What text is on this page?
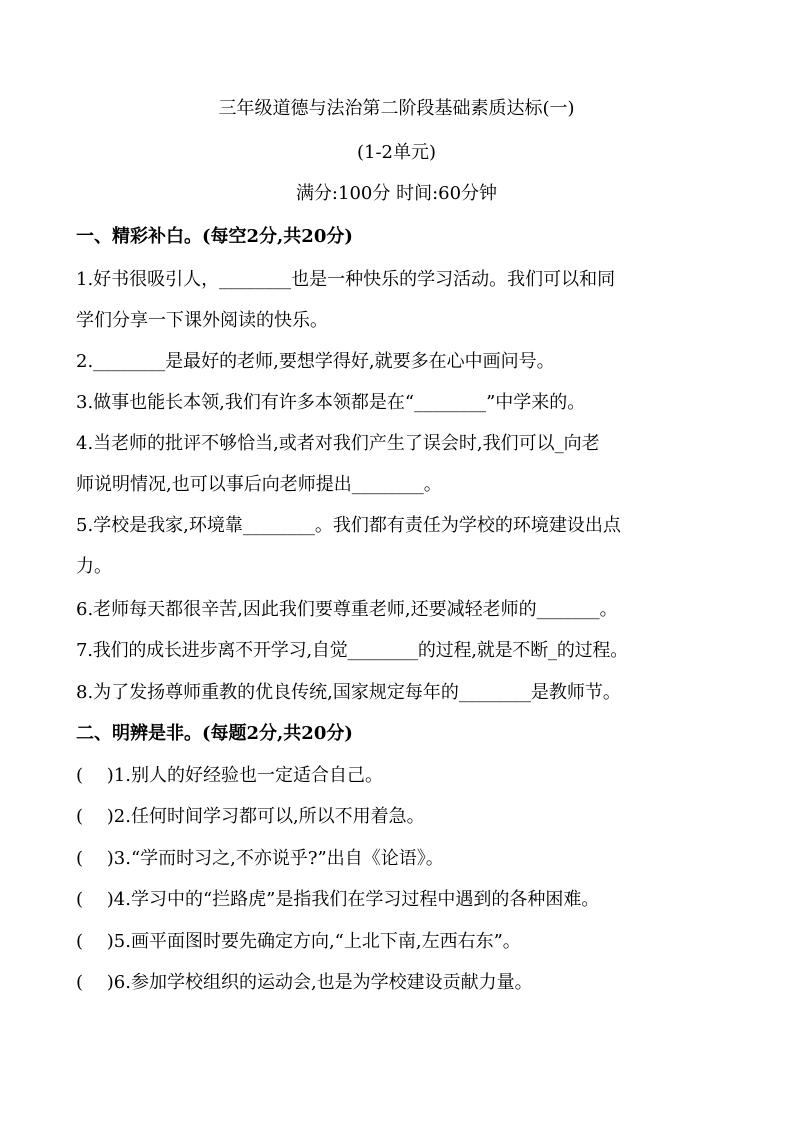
三年级道德与法治第二阶段基础素质达标(一)
(1-2单元)
满分:100分 时间:60分钟
一、精彩补白。(每空2分,共20分)
1.好书很吸引人，________也是一种快乐的学习活动。我们可以和同
学们分享一下课外阅读的快乐。
2.________是最好的老师,要想学得好,就要多在心中画问号。
3.做事也能长本领,我们有许多本领都是在“________”中学来的。
4.当老师的批评不够恰当,或者对我们产生了误会时,我们可以_向老
师说明情况,也可以事后向老师提出________。
5.学校是我家,环境靠________。我们都有责任为学校的环境建设出点
力。
6.老师每天都很辛苦,因此我们要尊重老师,还要减轻老师的_______。
7.我们的成长进步离不开学习,自觉________的过程,就是不断_的过程。
8.为了发扬尊师重教的优良传统,国家规定每年的________是教师节。
二、明辨是非。(每题2分,共20分)
(　 )1.别人的好经验也一定适合自己。
(　 )2.任何时间学习都可以,所以不用着急。
(　 )3.“学而时习之,不亦说乎?”出自《论语》。
(　 )4.学习中的“拦路虎”是指我们在学习过程中遇到的各种困难。
(　 )5.画平面图时要先确定方向,“上北下南,左西右东”。
(　 )6.参加学校组织的运动会,也是为学校建设贡献力量。
